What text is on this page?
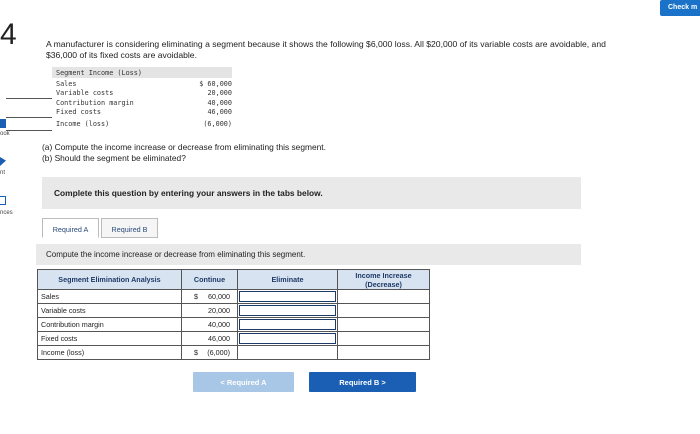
ook
nt
nces
4
Check m
A manufacturer is considering eliminating a segment because it shows the following $6,000 loss. All $20,000 of its variable costs are avoidable, and $36,000 of its fixed costs are avoidable.
Segment Income (Loss)
Sales	$ 60,000
Variable costs	20,000
Contribution margin	40,000
Fixed costs	46,000
Income (loss)	(6,000)
(a) Compute the income increase or decrease from eliminating this segment.
(b) Should the segment be eliminated?
Complete this question by entering your answers in the tabs below.
Required A	Required B
Compute the income increase or decrease from eliminating this segment.
Segment Elimination Analysis	Continue	Eliminate	Income Increase (Decrease)
Sales	$ 60,000	

Variable costs	20,000	

Contribution margin	40,000	

Fixed costs	46,000	

Income (loss)	$ (6,000)	

< Required A	Required B >
